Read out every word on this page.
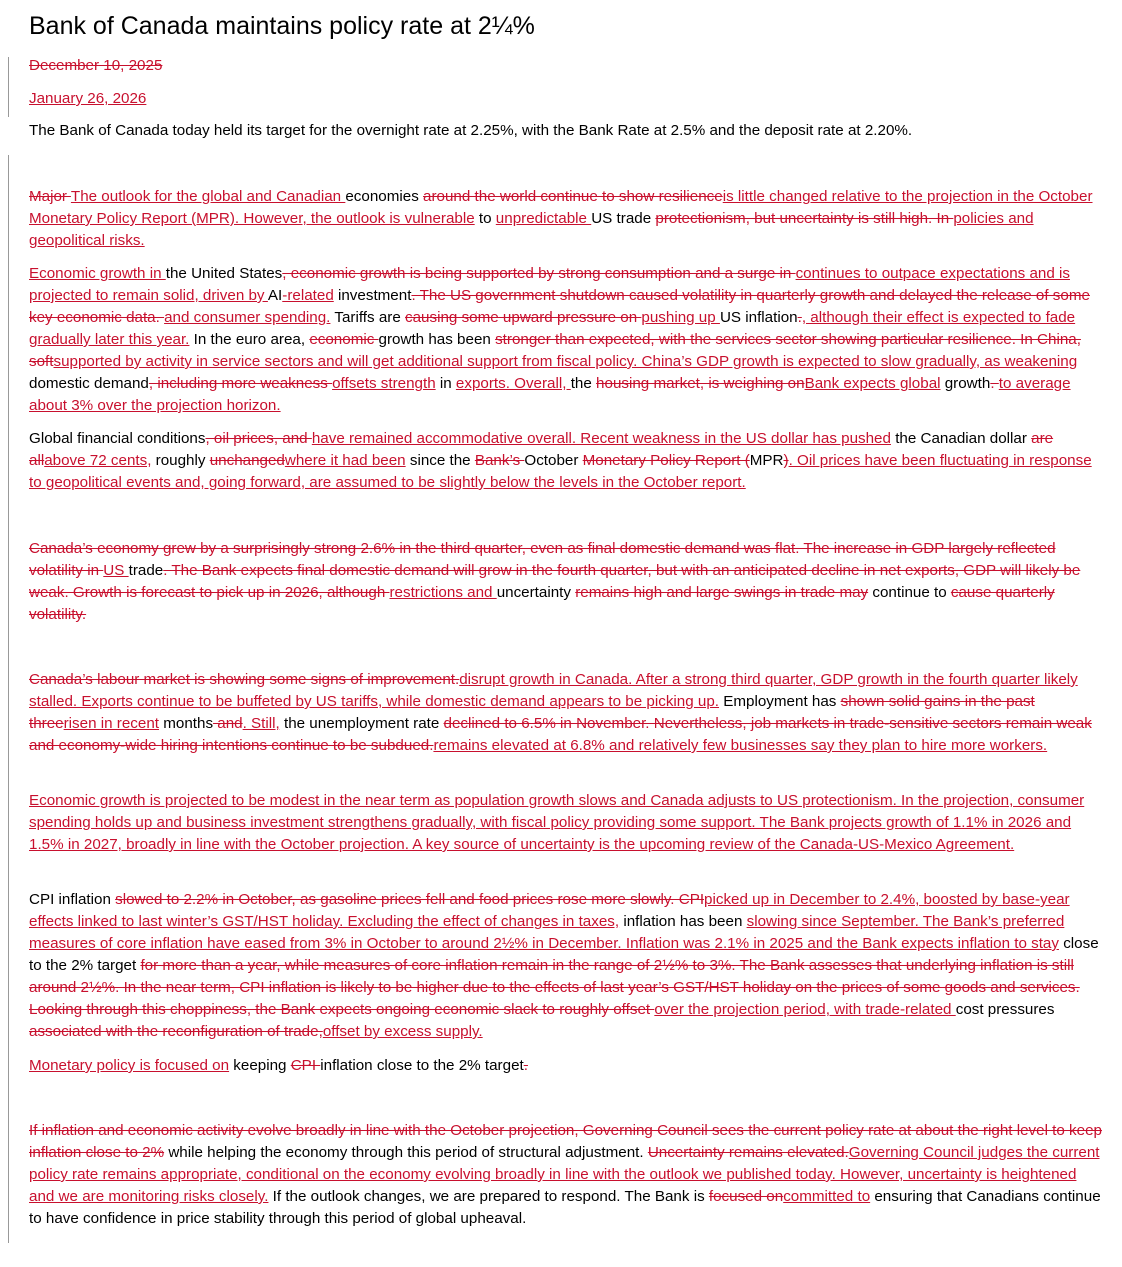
Bank of Canada maintains policy rate at 2¼%

December 10, 2025

January 26, 2026

The Bank of Canada today held its target for the overnight rate at 2.25%, with the Bank Rate at 2.5% and the deposit rate at 2.20%.

Major The outlook for the global and Canadian economies around the world continue to show resilienceis little changed relative to the projection in the October Monetary Policy Report (MPR). However, the outlook is vulnerable to unpredictable US trade protectionism, but uncertainty is still high. In policies and geopolitical risks.

Economic growth in the United States, economic growth is being supported by strong consumption and a surge in continues to outpace expectations and is projected to remain solid, driven by AI-related investment. The US government shutdown caused volatility in quarterly growth and delayed the release of some key economic data. and consumer spending. Tariffs are causing some upward pressure on pushing up US inflation., although their effect is expected to fade gradually later this year. In the euro area, economic growth has been stronger than expected, with the services sector showing particular resilience. In China, softsupported by activity in service sectors and will get additional support from fiscal policy. China’s GDP growth is expected to slow gradually, as weakening domestic demand, including more weakness offsets strength in exports. Overall, the housing market, is weighing onBank expects global growth. to average about 3% over the projection horizon.

Global financial conditions, oil prices, and have remained accommodative overall. Recent weakness in the US dollar has pushed the Canadian dollar are allabove 72 cents, roughly unchangedwhere it had been since the Bank’s October Monetary Policy Report (MPR). Oil prices have been fluctuating in response to geopolitical events and, going forward, are assumed to be slightly below the levels in the October report.

Canada’s economy grew by a surprisingly strong 2.6% in the third quarter, even as final domestic demand was flat. The increase in GDP largely reflected volatility in US trade. The Bank expects final domestic demand will grow in the fourth quarter, but with an anticipated decline in net exports, GDP will likely be weak. Growth is forecast to pick up in 2026, although restrictions and uncertainty remains high and large swings in trade may continue to cause quarterly volatility.

Canada’s labour market is showing some signs of improvement.disrupt growth in Canada. After a strong third quarter, GDP growth in the fourth quarter likely stalled. Exports continue to be buffeted by US tariffs, while domestic demand appears to be picking up. Employment has shown solid gains in the past threerisen in recent months and. Still, the unemployment rate declined to 6.5% in November. Nevertheless, job markets in trade-sensitive sectors remain weak and economy-wide hiring intentions continue to be subdued.remains elevated at 6.8% and relatively few businesses say they plan to hire more workers.

Economic growth is projected to be modest in the near term as population growth slows and Canada adjusts to US protectionism. In the projection, consumer spending holds up and business investment strengthens gradually, with fiscal policy providing some support. The Bank projects growth of 1.1% in 2026 and 1.5% in 2027, broadly in line with the October projection. A key source of uncertainty is the upcoming review of the Canada-US-Mexico Agreement.

CPI inflation slowed to 2.2% in October, as gasoline prices fell and food prices rose more slowly. CPIpicked up in December to 2.4%, boosted by base-year effects linked to last winter’s GST/HST holiday. Excluding the effect of changes in taxes, inflation has been slowing since September. The Bank’s preferred measures of core inflation have eased from 3% in October to around 2½% in December. Inflation was 2.1% in 2025 and the Bank expects inflation to stay close to the 2% target for more than a year, while measures of core inflation remain in the range of 2½% to 3%. The Bank assesses that underlying inflation is still around 2½%. In the near term, CPI inflation is likely to be higher due to the effects of last year’s GST/HST holiday on the prices of some goods and services. Looking through this choppiness, the Bank expects ongoing economic slack to roughly offset over the projection period, with trade-related cost pressures associated with the reconfiguration of trade,offset by excess supply.

Monetary policy is focused on keeping CPI inflation close to the 2% target.

If inflation and economic activity evolve broadly in line with the October projection, Governing Council sees the current policy rate at about the right level to keep inflation close to 2% while helping the economy through this period of structural adjustment. Uncertainty remains elevated.Governing Council judges the current policy rate remains appropriate, conditional on the economy evolving broadly in line with the outlook we published today. However, uncertainty is heightened and we are monitoring risks closely. If the outlook changes, we are prepared to respond. The Bank is focused oncommitted to ensuring that Canadians continue to have confidence in price stability through this period of global upheaval.
